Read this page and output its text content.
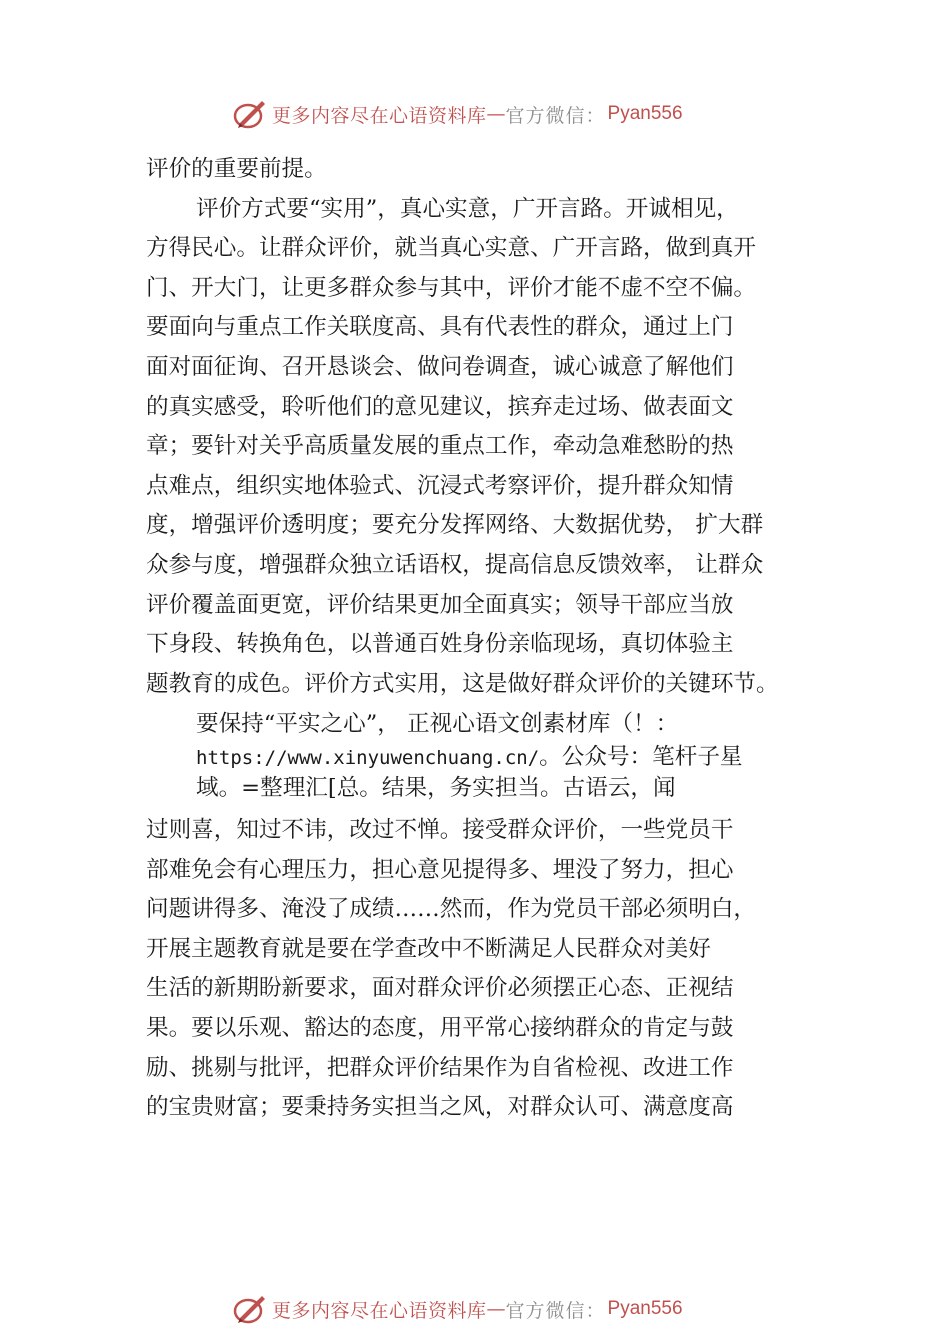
更多内容尽在心语资料库 — 官方微信： Pyan556
评价的重要前提。
评价方式要“实用”，真心实意，广开言路。开诚相见，
方得民心。让群众评价，就当真心实意、广开言路，做到真开
门、开大门，让更多群众参与其中，评价才能不虚不空不偏。
要面向与重点工作关联度高、具有代表性的群众，通过上门
面对面征询、召开恳谈会、做问卷调查，诚心诚意了解他们
的真实感受，聆听他们的意见建议，摈弃走过场、做表面文
章；要针对关乎高质量发展的重点工作，牵动急难愁盼的热
点难点，组织实地体验式、沉浸式考察评价，提升群众知情
度，增强评价透明度；要充分发挥网络、大数据优势， 扩大群
众参与度，增强群众独立话语权，提高信息反馈效率， 让群众
评价覆盖面更宽，评价结果更加全面真实；领导干部应当放
下身段、转换角色，以普通百姓身份亲临现场，真切体验主
题教育的成色。评价方式实用，这是做好群众评价的关键环节。
要保持“平实之心”， 正视心语文创素材库（！：
https://www.xinyuwenchuang.cn/。公众号：笔杆子星
域。=整理汇[总。结果，务实担当。古语云，闻
过则喜，知过不讳，改过不惮。接受群众评价，一些党员干
部难免会有心理压力，担心意见提得多、埋没了努力，担心
问题讲得多、淹没了成绩……然而，作为党员干部必须明白，
开展主题教育就是要在学查改中不断满足人民群众对美好
生活的新期盼新要求，面对群众评价必须摆正心态、正视结
果。要以乐观、豁达的态度，用平常心接纳群众的肯定与鼓
励、挑剔与批评，把群众评价结果作为自省检视、改进工作
的宝贵财富；要秉持务实担当之风，对群众认可、满意度高
更多内容尽在心语资料库 — 官方微信： Pyan556
